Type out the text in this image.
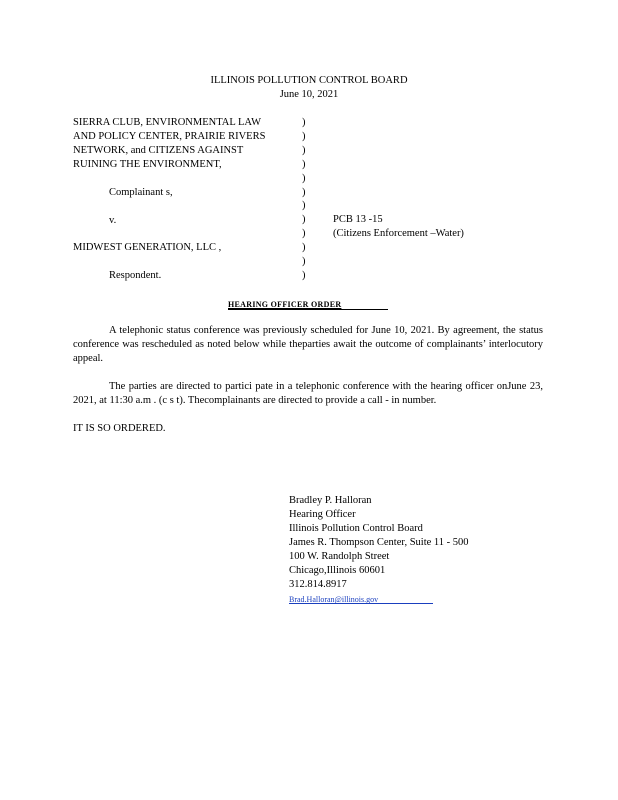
ILLINOIS POLLUTION CONTROL BOARD
June 10, 2021
SIERRA CLUB, ENVIRONMENTAL LAW
AND POLICY CENTER, PRAIRIE RIVERS
NETWORK, and CITIZENS AGAINST
RUINING THE ENVIRONMENT,
Complainant s,
v.
MIDWEST GENERATION, LLC ,
Respondent.
)
)
)
)
)
)
)
)
)
)
)
)
PCB 13 -15
(Citizens Enforcement –Water)
HEARING OFFICER ORDER
A telephonic status conference was previously scheduled for June 10, 2021. By agreement, the status conference was rescheduled as noted below while theparties await the outcome of complainants’ interlocutory appeal.
The parties are directed to partici pate in a telephonic conference with the hearing officer onJune 23, 2021, at 11:30 a.m . (c s t). Thecomplainants are directed to provide a call - in number.
IT IS SO ORDERED.
Bradley P. Halloran
Hearing Officer
Illinois Pollution Control Board
James R. Thompson Center, Suite 11 - 500
100 W. Randolph Street
Chicago,Illinois 60601
312.814.8917
Brad.Halloran@illinois.gov
